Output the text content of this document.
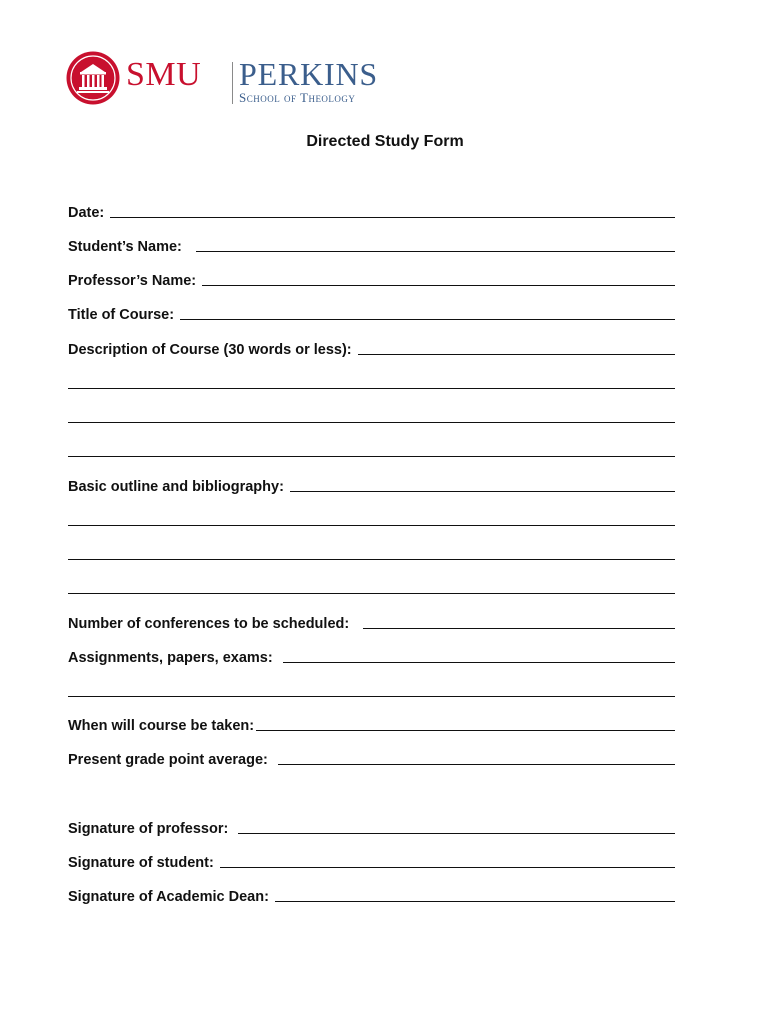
SMU PERKINS
School of Theology
Directed Study Form
Date:
Student’s Name:
Professor’s Name:
Title of Course:
Description of Course (30 words or less):
Basic outline and bibliography:
Number of conferences to be scheduled:
Assignments, papers, exams:
When will course be taken:
Present grade point average:
Signature of professor:
Signature of student:
Signature of Academic Dean:
